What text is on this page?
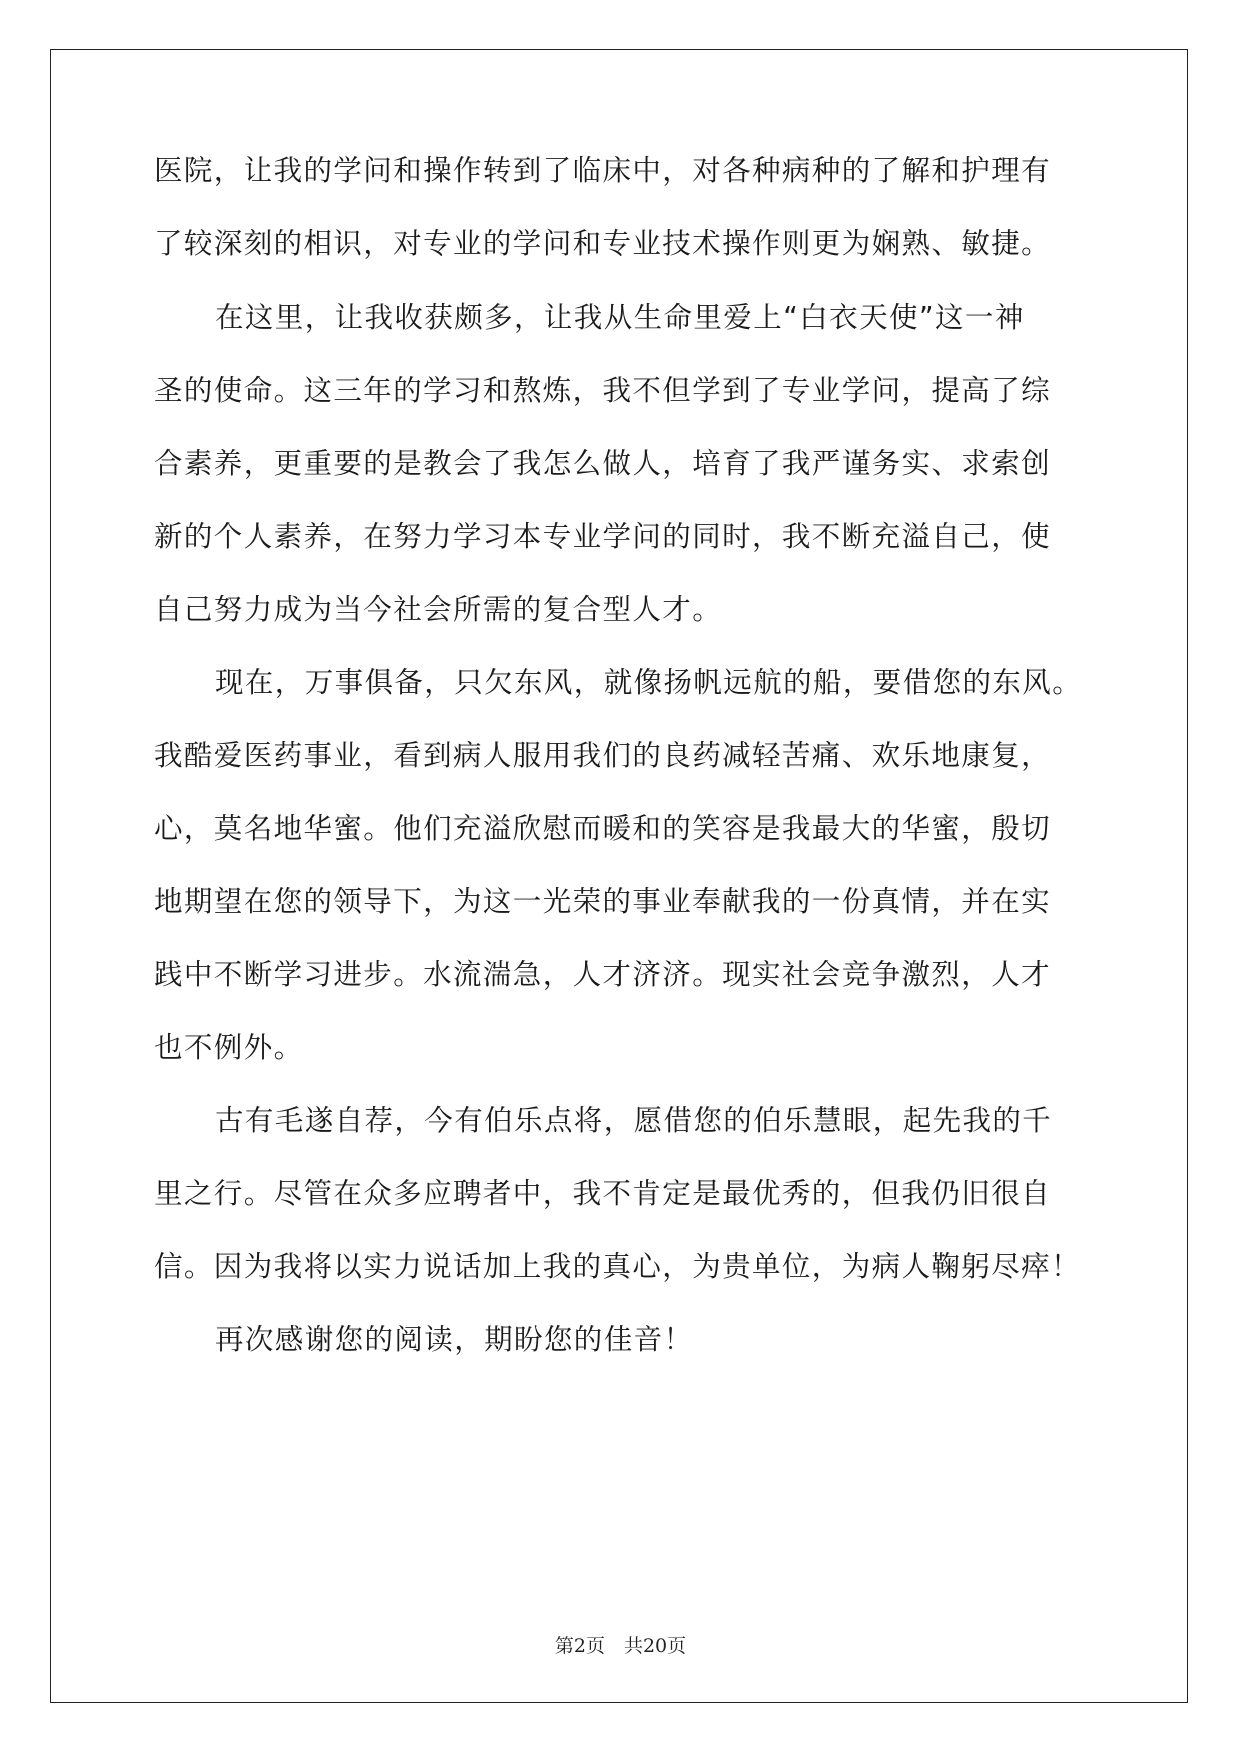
医院，让我的学问和操作转到了临床中，对各种病种的了解和护理有
了较深刻的相识，对专业的学问和专业技术操作则更为娴熟、敏捷。
在这里，让我收获颇多，让我从生命里爱上“白衣天使”这一神
圣的使命。这三年的学习和熬炼，我不但学到了专业学问，提高了综
合素养，更重要的是教会了我怎么做人，培育了我严谨务实、求索创
新的个人素养，在努力学习本专业学问的同时，我不断充溢自己，使
自己努力成为当今社会所需的复合型人才。
现在，万事俱备，只欠东风，就像扬帆远航的船，要借您的东风。
我酷爱医药事业，看到病人服用我们的良药减轻苦痛、欢乐地康复，
心，莫名地华蜜。他们充溢欣慰而暖和的笑容是我最大的华蜜，殷切
地期望在您的领导下，为这一光荣的事业奉献我的一份真情，并在实
践中不断学习进步。水流湍急，人才济济。现实社会竞争激烈，人才
也不例外。
古有毛遂自荐，今有伯乐点将，愿借您的伯乐慧眼，起先我的千
里之行。尽管在众多应聘者中，我不肯定是最优秀的，但我仍旧很自
信。因为我将以实力说话加上我的真心，为贵单位，为病人鞠躬尽瘁！
再次感谢您的阅读，期盼您的佳音！
第2页　共20页
